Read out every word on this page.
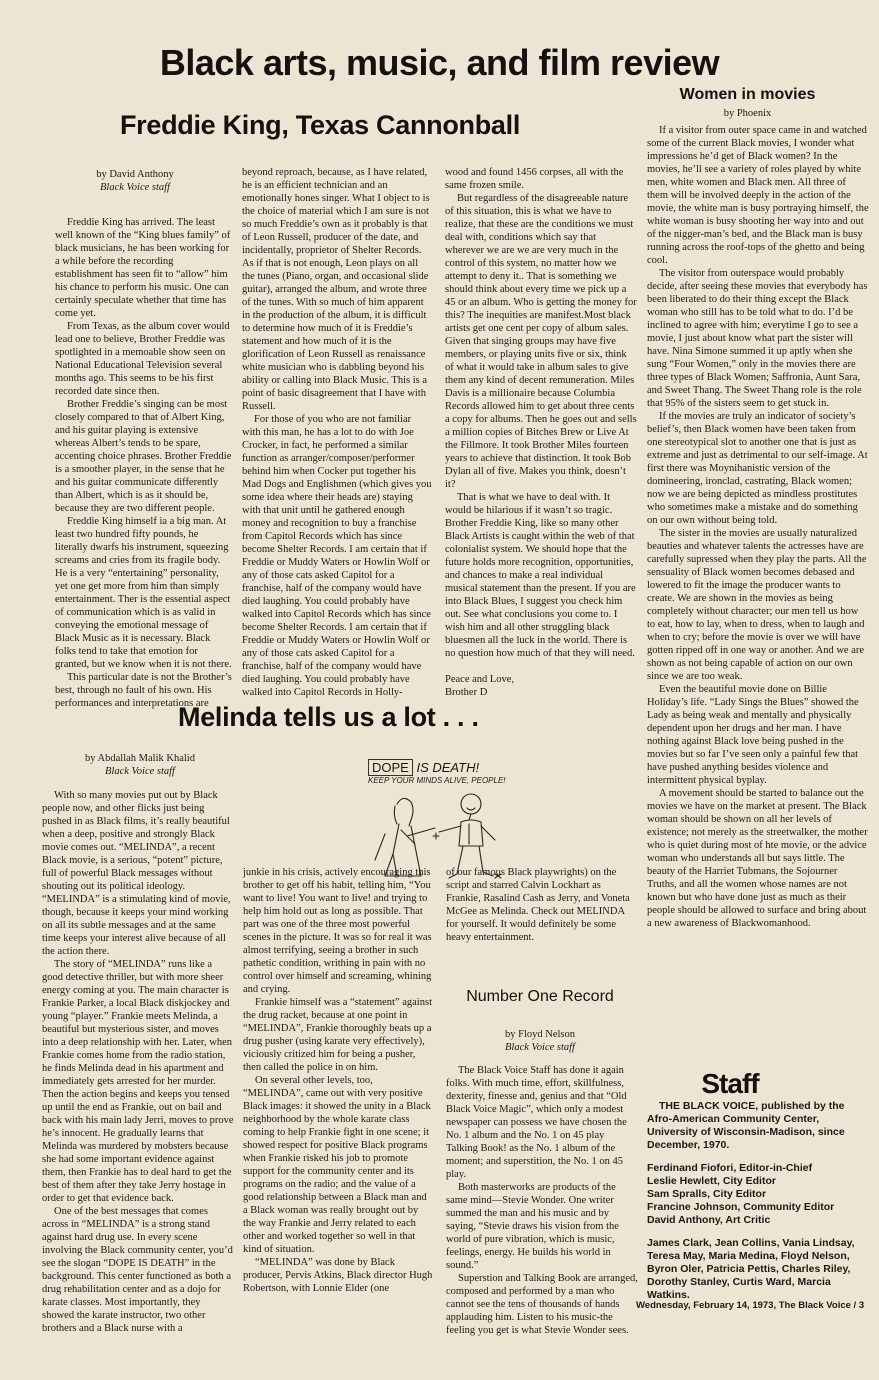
Black arts, music, and film review
Freddie King, Texas Cannonball
by David Anthony
Black Voice staff

Freddie King has arrived. The least well known of the “King blues family” of black musicians, he has been working for a while before the recording establishment has seen fit to “allow” him his chance to perform his music. One can certainly speculate whether that time has come yet.

From Texas, as the album cover would lead one to believe, Brother Freddie was spotlighted in a memoable show seen on National Educational Television several months ago. This seems to be his first recorded date since then.

Brother Freddie’s singing can be most closely compared to that of Albert King, and his guitar playing is extensive whereas Albert’s tends to be spare, accenting choice phrases. Brother Freddie is a smoother player, in the sense that he and his guitar communicate differently than Albert, which is as it should be, because they are two different people.

Freddie King himself ia a big man. At least two hundred fifty pounds, he literally dwarfs his instrument, squeezing screams and cries from its fragile body. He is a very “entertaining” personality, yet one get more from him than simply entertainment. Ther is the essential aspect of communication which is as valid in conveying the emotional message of Black Music as it is necessary. Black folks tend to take that emotion for granted, but we know when it is not there.

This particular date is not the Brother’s best, through no fault of his own. His performances and interpretations are

beyond reproach, because, as I have related, he is an efficient technician and an emotionally hones singer. What I object to is the choice of material which I am sure is not so much Freddie’s own as it probably is that of Leon Russell, producer of the date, and incidentally, proprietor of Shelter Records. As if that is not enough, Leon plays on all the tunes (Piano, organ, and occasional slide guitar), arranged the album, and wrote three of the tunes. With so much of him apparent in the production of the album, it is difficult to determine how much of it is Freddie’s statement and how much of it is the glorification of Leon Russell as renaissance white musician who is dabbling beyond his ability or calling into Black Music. This is a point of basic disagreement that I have with Russell.

For those of you who are not familiar with this man, he has a lot to do with Joe Crocker, in fact, he performed a similar function as arranger/composer/performer behind him when Cocker put together his Mad Dogs and Englishmen (which gives you some idea where their heads are) staying with that unit until he gathered enough money and recognition to buy a franchise from Capitol Records which has since become Shelter Records. I am certain that if Freddie or Muddy Waters or Howlin Wolf or any of those cats asked Capitol for a franchise, half of the company would have died laughing. You could probably have walked into Capitol Records which has since become Shelter Records. I am certain that if Freddie or Muddy Waters or Howlin Wolf or any of those cats asked Capitol for a franchise, half of the company would have died laughing. You could probably have walked into Capitol Records in Holly-

wood and found 1456 corpses, all with the same frozen smile.

But regardless of the disagreeable nature of this situation, this is what we have to realize, that these are the conditions we must deal with, conditions which say that wherever we are we are very much in the control of this system, no matter how we attempt to deny it.. That is something we should think about every time we pick up a 45 or an album. Who is getting the money for this? The inequities are manifest.Most black artists get one cent per copy of album sales. Given that singing groups may have five members, or playing units five or six, think of what it would take in album sales to give them any kind of decent remuneration. Miles Davis is a millionaire because Columbia Records allowed him to get about three cents a copy for albums. Then he goes out and sells a million copies of Bitches Brew or Live At the Fillmore. It took Brother Miles fourteen years to achieve that distinction. It took Bob Dylan all of five. Makes you think, doesn’t it?

That is what we have to deal with. It would be hilarious if it wasn’t so tragic. Brother Freddie King, like so many other Black Artists is caught within the web of that colonialist system. We should hope that the future holds more recognition, opportunities, and chances to make a real individual musical statement than the present. If you are into Black Blues, I suggest you check him out. See what conclusions you come to. I wish him and all other struggling black bluesmen all the luck in the world. There is no question how much of that they will need.

Peace and Love,
Brother D
Women in movies
by Phoenix

If a visitor from outer space came in and watched some of the current Black movies, I wonder what impressions he’d get of Black women? In the movies, he’ll see a variety of roles played by white men, white women and Black men. All three of them will be involved deeply in the action of the movie, the white man is busy portraying himself, the white woman is busy shooting her way into and out of the nigger-man’s bed, and the Black man is busy running across the roof-tops of the ghetto and being cool.

The visitor from outerspace would probably decide, after seeing these movies that everybody has been liberated to do their thing except the Black woman who still has to be told what to do. I’d be inclined to agree with him; everytime I go to see a movie, I just about know what part the sister will have. Nina Simone summed it up aptly when she sung “Four Women,” only in the movies there are three types of Black Women; Saffronia, Aunt Sara, and Sweet Thang. The Sweet Thang role is the role that 95% of the sisters seem to get stuck in.

If the movies are truly an indicator of society’s belief’s, then Black women have been taken from one stereotypical slot to another one that is just as extreme and just as detrimental to our self-image. At first there was Moynihanistic version of the domineering, ironclad, castrating, Black women; now we are being depicted as mindless prostitutes who sometimes make a mistake and do something on our own without being told.

The sister in the movies are usually naturalized beauties and whatever talents the actresses have are carefully supressed when they play the parts. All the sensuality of Black women becomes debased and lowered to fit the image the producer wants to create. We are shown in the movies as being completely without character; our men tell us how to eat, how to lay, when to dress, when to laugh and when to cry; before the movie is over we will have gotten ripped off in one way or another. And we are shown as not being capable of action on our own since we are too weak.

Even the beautiful movie done on Billie Holiday’s life. “Lady Sings the Blues” showed the Lady as being weak and mentally and physically dependent upon her drugs and her man. I have nothing against Black love being pushed in the movies but so far I’ve seen only a painful few that have pushed anything besides violence and intermittent physical byplay.

A movement should be started to balance out the movies we have on the market at present. The Black woman should be shown on all her levels of existence; not merely as the streetwalker, the mother who is quiet during most of hte movie, or the advice woman who understands all but says little. The beauty of the Harriet Tubmans, the Sojourner Truths, and all the women whose names are not known but who have done just as much as their people should be allowed to surface and bring about a new awareness of Blackwomanhood.

Melinda tells us a lot . . .
by Abdallah Malik Khalid
Black Voice staff

With so many movies put out by Black people now, and other flicks just being pushed in as Black films, it’s really beautiful when a deep, positive and strongly Black movie comes out. “MELINDA”, a recent Black movie, is a serious, “potent” picture, full of powerful Black messages without shouting out its political ideology. “MELINDA” is a stimulating kind of movie, though, because it keeps your mind working on all its subtle messages and at the same time keeps your interest alive because of all the action there.

The story of “MELINDA” runs like a good detective thriller, but with more sheer energy coming at you. The main character is Frankie Parker, a local Black diskjockey and young “player.” Frankie meets Melinda, a beautiful but mysterious sister, and moves into a deep relationship with her. Later, when Frankie comes home from the radio station, he finds Melinda dead in his apartment and immediately gets arrested for her murder. Then the action begins and keeps you tensed up until the end as Frankie, out on bail and back with his main lady Jerri, moves to prove he’s innocent. He gradually learns that Melinda was murdered by mobsters because she had some important evidence against them, then Frankie has to deal hard to get the best of them after they take Jerry hostage in order to get that evidence back.

One of the best messages that comes across in “MELINDA” is a strong stand against hard drug use. In every scene involving the Black community center, you’d see the slogan “DOPE IS DEATH” in the background. This center functioned as both a drug rehabilitation center and as a dojo for karate classes. Most importantly, they showed the karate instructor, two other brothers and a Black nurse with a

junkie in his crisis, actively encouraging this brother to get off his habit, telling him, “You want to live! You want to live! and trying to help him hold out as long as possible. That part was one of the three most powerful scenes in the picture. It was so for real it was almost terrifying, seeing a brother in such pathetic condition, writhing in pain with no control over himself and screaming, whining and crying.

Frankie himself was a “statement” against the drug racket, because at one point in “MELINDA”, Frankie thoroughly beats up a drug pusher (using karate very effectively), viciously critized him for being a pusher, then called the police in on him.

On several other levels, too, “MELINDA”, came out with very positive Black images: it showed the unity in a Black neighborhood by the whole karate class coming to help Frankie fight in one scene; it showed respect for positive Black programs when Frankie risked his job to promote support for the community center and its programs on the radio; and the value of a good relationship between a Black man and a Black woman was really brought out by the way Frankie and Jerry related to each other and worked together so well in that kind of situation.

“MELINDA” was done by Black producer, Pervis Atkins, Black director Hugh Robertson, with Lonnie Elder (one

of our famous Black playwrights) on the script and starred Calvin Lockhart as Frankie, Rasalind Cash as Jerry, and Voneta McGee as Melinda. Check out MELINDA for yourself. It would definitely be some heavy entertainment.

DOPE IS DEATH!
KEEP YOUR MINDS ALIVE, PEOPLE!
Number One Record
by Floyd Nelson
Black Voice staff

The Black Voice Staff has done it again folks. With much time, effort, skillfulness, dexterity, finesse and, genius and that “Old Black Voice Magic”, which only a modest newspaper can possess we have chosen the No. 1 album and the No. 1 on 45 play Talking Book! as the No. 1 album of the moment; and superstition, the No. 1 on 45 play.

Both masterworks are products of the same mind—Stevie Wonder. One writer summed the man and his music and by saying, “Stevie draws his vision from the world of pure vibration, which is music, feelings, energy. He builds his world in sound.”

Superstion and Talking Book are arranged, composed and performed by a man who cannot see the tens of thousands of hands applauding him. Listen to his music-the feeling you get is what Stevie Wonder sees.

Staff

THE BLACK VOICE, published by the Afro-American Community Center, University of Wisconsin-Madison, since December, 1970.

Ferdinand Fiofori, Editor-in-Chief
Leslie Hewlett, City Editor
Sam Spralls, City Editor
Francine Johnson, Community Editor
David Anthony, Art Critic

James Clark, Jean Collins, Vania Lindsay, Teresa May, Maria Medina, Floyd Nelson, Byron Oler, Patricia Pettis, Charles Riley, Dorothy Stanley, Curtis Ward, Marcia Watkins.

Wednesday, February 14, 1973, The Black Voice / 3
